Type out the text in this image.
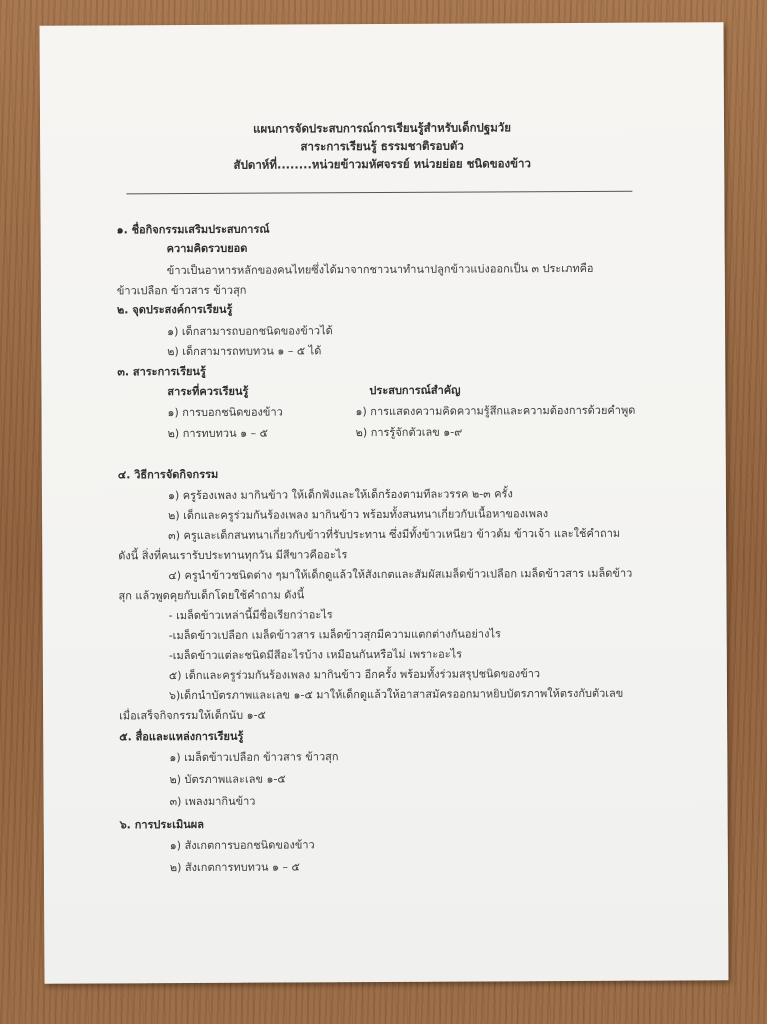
แผนการจัดประสบการณ์การเรียนรู้สำหรับเด็กปฐมวัย
สาระการเรียนรู้ ธรรมชาติรอบตัว
สัปดาห์ที่........หน่วยข้าวมหัศจรรย์ หน่วยย่อย ชนิดของข้าว
๑. ชื่อกิจกรรมเสริมประสบการณ์
ความคิดรวบยอด
ข้าวเป็นอาหารหลักของคนไทยซึ่งได้มาจากชาวนาทำนาปลูกข้าวแบ่งออกเป็น ๓ ประเภทคือ
ข้าวเปลือก ข้าวสาร ข้าวสุก
๒. จุดประสงค์การเรียนรู้
๑) เด็กสามารถบอกชนิดของข้าวได้
๒) เด็กสามารถทบทวน ๑ – ๕ ได้
๓. สาระการเรียนรู้
สาระที่ควรเรียนรู้	ประสบการณ์สำคัญ
๑) การบอกชนิดของข้าว	๑) การแสดงความคิดความรู้สึกและความต้องการด้วยคำพูด
๒) การทบทวน ๑ – ๕	๒) การรู้จักตัวเลข ๑-๙
๔. วิธีการจัดกิจกรรม
๑) ครูร้องเพลง มากินข้าว ให้เด็กฟังและให้เด็กร้องตามทีละวรรค ๒-๓ ครั้ง
๒) เด็กและครูร่วมกันร้องเพลง มากินข้าว พร้อมทั้งสนทนาเกี่ยวกับเนื้อหาของเพลง
๓) ครูและเด็กสนทนาเกี่ยวกับข้าวที่รับประทาน ซึ่งมีทั้งข้าวเหนียว ข้าวต้ม ข้าวเจ้า และใช้คำถาม
ดังนี้ สิ่งที่คนเรารับประทานทุกวัน มีสีขาวคืออะไร
๔) ครูนำข้าวชนิดต่าง ๆมาให้เด็กดูแล้วให้สังเกตและสัมผัสเมล็ดข้าวเปลือก เมล็ดข้าวสาร เมล็ดข้าว
สุก แล้วพูดคุยกับเด็กโดยใช้คำถาม ดังนี้
- เมล็ดข้าวเหล่านี้มีชื่อเรียกว่าอะไร
-เมล็ดข้าวเปลือก เมล็ดข้าวสาร เมล็ดข้าวสุกมีความแตกต่างกันอย่างไร
-เมล็ดข้าวแต่ละชนิดมีสีอะไรบ้าง เหมือนกันหรือไม่ เพราะอะไร
๕) เด็กและครูร่วมกันร้องเพลง มากินข้าว อีกครั้ง พร้อมทั้งร่วมสรุปชนิดของข้าว
๖)เด็กนำบัตรภาพและเลข ๑-๕ มาให้เด็กดูแล้วให้อาสาสมัครออกมาหยิบบัตรภาพให้ตรงกับตัวเลข
เมื่อเสร็จกิจกรรมให้เด็กนับ ๑-๕
๕. สื่อและแหล่งการเรียนรู้
๑) เมล็ดข้าวเปลือก ข้าวสาร ข้าวสุก
๒) บัตรภาพและเลข ๑-๕
๓) เพลงมากินข้าว
๖. การประเมินผล
๑) สังเกตการบอกชนิดของข้าว
๒) สังเกตการทบทวน ๑ – ๕
